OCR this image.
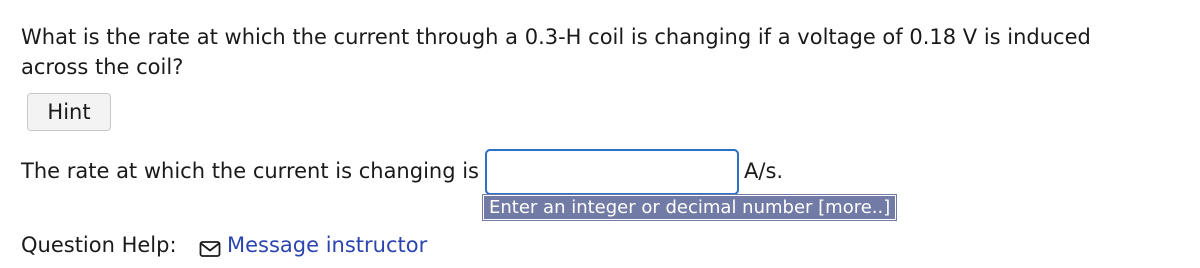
What is the rate at which the current through a 0.3-H coil is changing if a voltage of 0.18 V is induced across the coil?
Hint
The rate at which the current is changing is	A/s.
Enter an integer or decimal number [more..]
Question Help: Message instructor
